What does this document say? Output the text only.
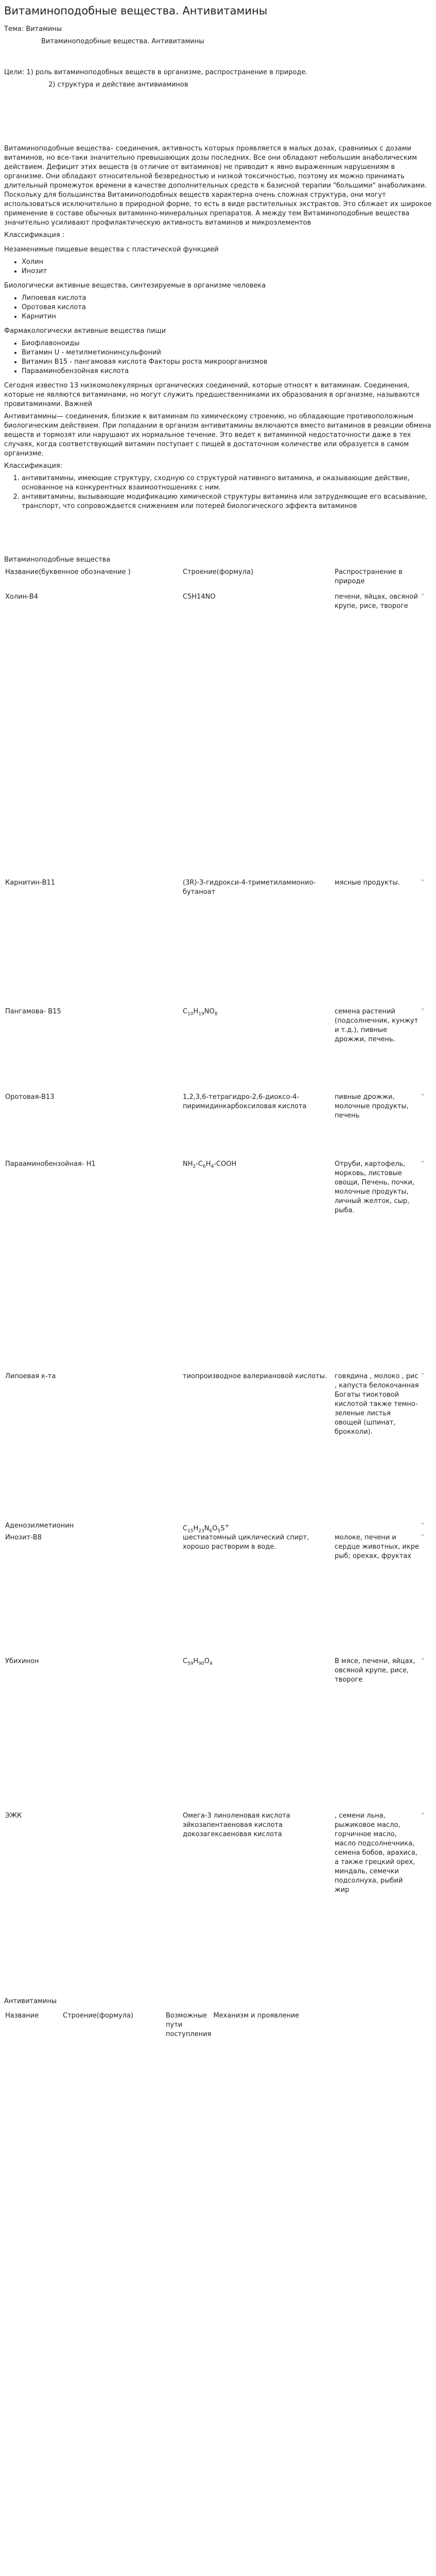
Витаминоподобные вещества. Антивитамины

Тема: Витамины

Витаминоподобные вещества. Антивитамины

Цели: 1) роль витаминоподобных веществ в организме, распространение в природе.

2) структура и действие антивиаминов

Витаминоподобные вещества– соединения, активность которых проявляется в малых дозах, сравнимых с дозами витаминов, но все-таки значительно превышающих дозы последних. Все они обладают небольшим анаболическим действием. Дефицит этих веществ (в отличие от витаминов) не приводит к явно выраженным нарушениям в организме. Они обладают относительной безвредностью и низкой токсичностью, поэтому их можно принимать длительный промежуток времени в качестве дополнительных средств к базисной терапии "большими" анаболиками. Поскольку для большинства Витаминоподобных веществ характерна очень сложная структура, они могут использоваться исключительно в природной форме, то есть в виде растительных экстрактов. Это сблжает их широкое применение в составе обычных витаминно-минеральных препаратов. А между тем Витаминоподобные вещества значительно усиливают профилактическую активность витаминов и микроэлементов

Классификация :

Незаменимые пищевые вещества с пластической функцией

• Холин
• Инозит

Биологически активные вещества, синтезируемые в организме человека

• Липоевая кислота
• Оротовая кислота
• Карнитин

Фармакологически активные вещества пищи

• Биофлавоноиды
• Витамин U - метилметионинсульфоний
• Витамин B15 - пангамовая кислота Факторы роста микроорганизмов
• Парааминобензойная кислота

Сегодня известно 13 низкомолекулярных органических соединений, которые относят к витаминам. Соединения, которые не являются витаминами, но могут служить предшественниками их образования в организме, называются провитаминами. Важней

Антивитамины— соединения, близкие к витаминам по химическому строению, но обладающие противоположным биологическим действием. При попадании в организм антивитамины включаются вместо витаминов в реакции обмена веществ и тормозят или нарушают их нормальное течение. Это ведет к витаминной недостаточности даже в тех случаях, когда соответствующий витамин поступает с пищей в достаточном количестве или образуется в самом организме.

Классификация:

1. антивитамины, имеющие структуру, сходную со структурой нативного витамина, и оказывающие действие, основанное на конкурентных взаимоотношениях с ним.
2. антивитамины, вызывающие модификацию химической структуры витамина или затрудняющие его всасывание, транспорт, что сопровождается снижением или потерей биологического эффекта витаминов

Витаминоподобные вещества

Название(буквенное обозначение )	Строение(формула)	Распространение в природе	
Холин-B4	C5H14NO	печени, яйцах, овсяной крупе, рисе, твороге	"
Карнитин-B11	(3R)-3-гидрокси-4-триметиламмонио-бутаноат	мясные продукты.	"
Пангамова- B15	$C_{10}H_{19}NO_8$	семена растений (подсолнечник, кунжут и т.д.), пивные дрожжи, печень.	"
Оротовая-B13	1,2,3,6-тетрагидро-2,6-диоксо-4-пиримидинкарбоксиловая кислота	пивные дрожжи, молочные продукты, печень	"
Парааминобензойная- H1	$NH_2-C_6H_4$-COOH	Отруби, картофель, морковь, листовые овощи, Печень, почки, молочные продукты, личный желток, сыр, рыба.	"
Липоевая к-та	тиопроизводное валериановой кислоты.	говядина , молоко , рис , капуста белокочанная Богаты тиоктовой кислотой также темно-зеленые листья овощей (шпинат, брокколи).	"
Аденозилметионин	$C_{15}H_{23}N_6O_5S^+$		"
Инозит-B8	шестиатомный циклический спирт, хорошо растворим в воде.	молоке, печени и сердце животных, икре рыб; орехах, фруктах	"
Убихинон	$C_{59}H_{90}O_4$	В мясе, печени, яйцах, овсяной крупе, рисе, твороге	"
ЭЖК	Омега-3 линоленовая кислота эйкозапентаеновая кислота докозагексаеновая кислота	, семени льна, рыжиковое масло, горчичное масло, масло подсолнечника, семена бобов, арахиса, а также грецкий орех, миндаль, семечки подсолнуха, рыбий жир	"

Антивитамины

Название	Строение(формула)	Возможные пути поступления	Механизм и проявление
